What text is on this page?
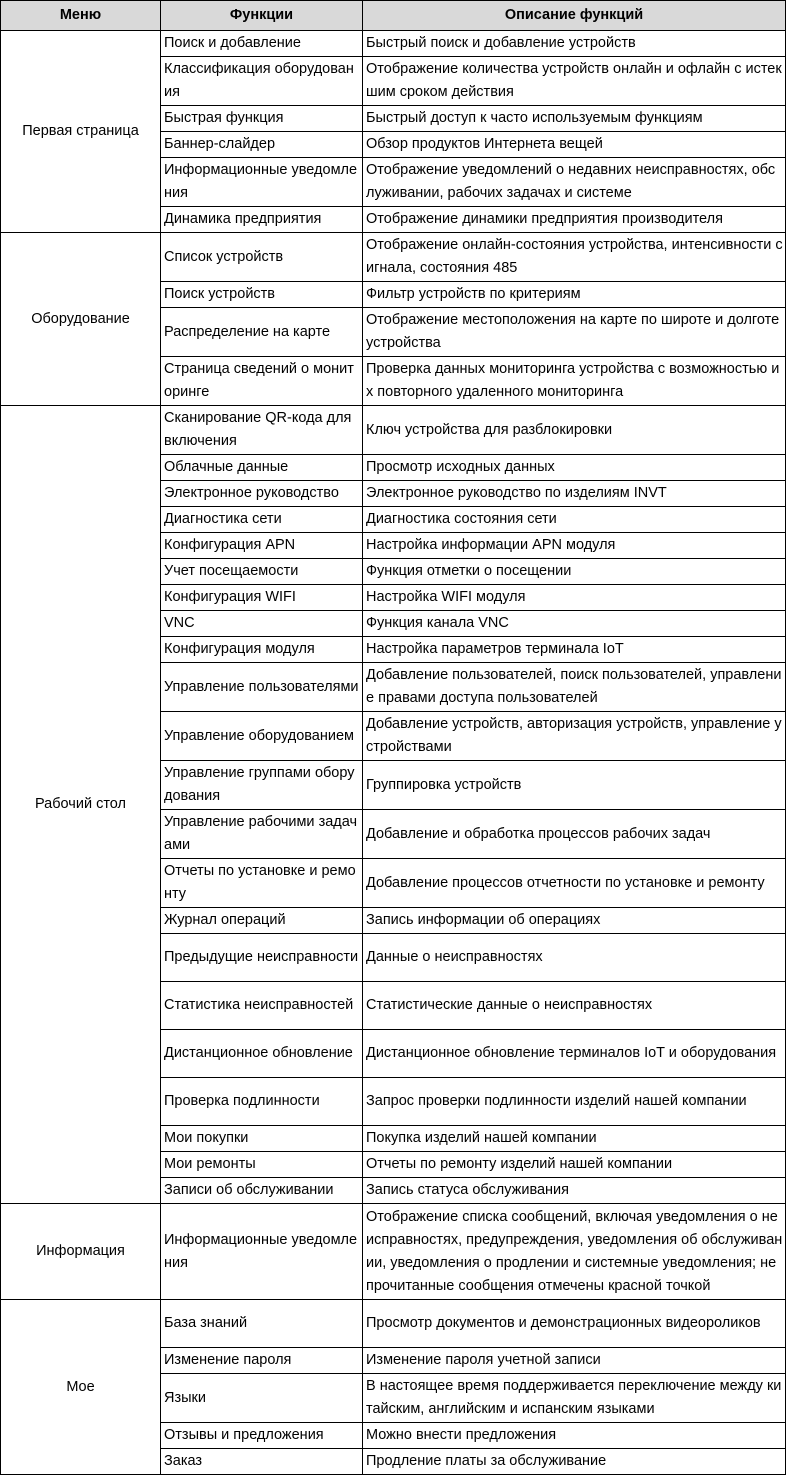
Меню	Функции	Описание функций
Первая страница	Поиск и добавление	Быстрый поиск и добавление устройств
	Классификация оборудования	Отображение количества устройств онлайн и офлайн с истекшим сроком действия
	Быстрая функция	Быстрый доступ к часто используемым функциям
	Баннер-слайдер	Обзор продуктов Интернета вещей
	Информационные уведомления	Отображение уведомлений о недавних неисправностях, обслуживании, рабочих задачах и системе
	Динамика предприятия	Отображение динамики предприятия производителя
Оборудование	Список устройств	Отображение онлайн-состояния устройства, интенсивности сигнала, состояния 485
	Поиск устройств	Фильтр устройств по критериям
	Распределение на карте	Отображение местоположения на карте по широте и долготе устройства
	Страница сведений о мониторинге	Проверка данных мониторинга устройства с возможностью их повторного удаленного мониторинга
Рабочий стол	Сканирование QR-кода для включения	Ключ устройства для разблокировки
	Облачные данные	Просмотр исходных данных
	Электронное руководство	Электронное руководство по изделиям INVT
	Диагностика сети	Диагностика состояния сети
	Конфигурация APN	Настройка информации APN модуля
	Учет посещаемости	Функция отметки о посещении
	Конфигурация WIFI	Настройка WIFI модуля
	VNC	Функция канала VNC
	Конфигурация модуля	Настройка параметров терминала IoT
	Управление пользователями	Добавление пользователей, поиск пользователей, управление правами доступа пользователей
	Управление оборудованием	Добавление устройств, авторизация устройств, управление устройствами
	Управление группами оборудования	Группировка устройств
	Управление рабочими задачами	Добавление и обработка процессов рабочих задач
	Отчеты по установке и ремонту	Добавление процессов отчетности по установке и ремонту
	Журнал операций	Запись информации об операциях
	Предыдущие неисправности	Данные о неисправностях
	Статистика неисправностей	Статистические данные о неисправностях
	Дистанционное обновление	Дистанционное обновление терминалов IoT и оборудования
	Проверка подлинности	Запрос проверки подлинности изделий нашей компании
	Мои покупки	Покупка изделий нашей компании
	Мои ремонты	Отчеты по ремонту изделий нашей компании
	Записи об обслуживании	Запись статуса обслуживания
Информация	Информационные уведомления	Отображение списка сообщений, включая уведомления о неисправностях, предупреждения, уведомления об обслуживании, уведомления о продлении и системные уведомления; непрочитанные сообщения отмечены красной точкой
Мое	База знаний	Просмотр документов и демонстрационных видеороликов
	Изменение пароля	Изменение пароля учетной записи
	Языки	В настоящее время поддерживается переключение между китайским, английским и испанским языками
	Отзывы и предложения	Можно внести предложения
	Заказ	Продление платы за обслуживание
